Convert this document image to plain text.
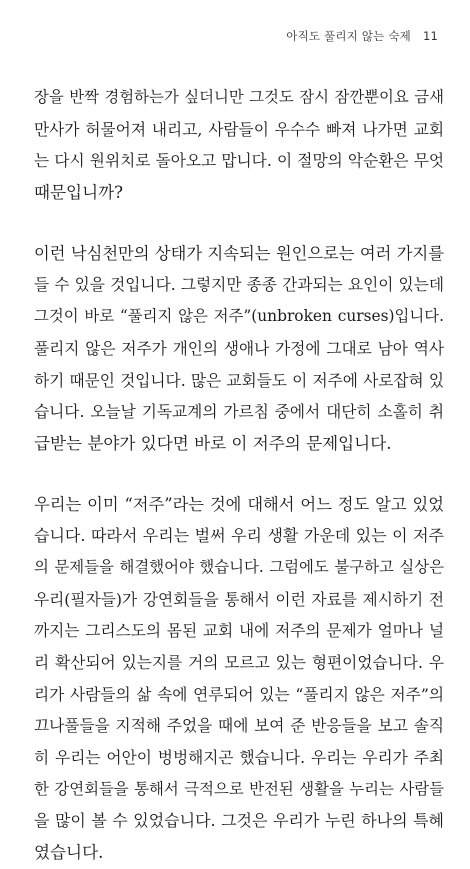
아직도 풀리지 않는 숙제 11
장을 반짝 경험하는가 싶더니만 그것도 잠시 잠깐뿐이요 금새
만사가 허물어져 내리고, 사람들이 우수수 빠져 나가면 교회
는 다시 원위치로 돌아오고 맙니다. 이 절망의 악순환은 무엇
때문입니까?
이런 낙심천만의 상태가 지속되는 원인으로는 여러 가지를
들 수 있을 것입니다. 그렇지만 종종 간과되는 요인이 있는데
그것이 바로 “풀리지 않은 저주”(unbroken curses)입니다.
풀리지 않은 저주가 개인의 생애나 가정에 그대로 남아 역사
하기 때문인 것입니다. 많은 교회들도 이 저주에 사로잡혀 있
습니다. 오늘날 기독교계의 가르침 중에서 대단히 소홀히 취
급받는 분야가 있다면 바로 이 저주의 문제입니다.
우리는 이미 “저주”라는 것에 대해서 어느 정도 알고 있었
습니다. 따라서 우리는 벌써 우리 생활 가운데 있는 이 저주
의 문제들을 해결했어야 했습니다. 그럼에도 불구하고 실상은
우리(필자들)가 강연회들을 통해서 이런 자료를 제시하기 전
까지는 그리스도의 몸된 교회 내에 저주의 문제가 얼마나 널
리 확산되어 있는지를 거의 모르고 있는 형편이었습니다. 우
리가 사람들의 삶 속에 연루되어 있는 “풀리지 않은 저주”의
끄나풀들을 지적해 주었을 때에 보여 준 반응들을 보고 솔직
히 우리는 어안이 벙벙해지곤 했습니다. 우리는 우리가 주최
한 강연회들을 통해서 극적으로 반전된 생활을 누리는 사람들
을 많이 볼 수 있었습니다. 그것은 우리가 누린 하나의 특혜
였습니다.
